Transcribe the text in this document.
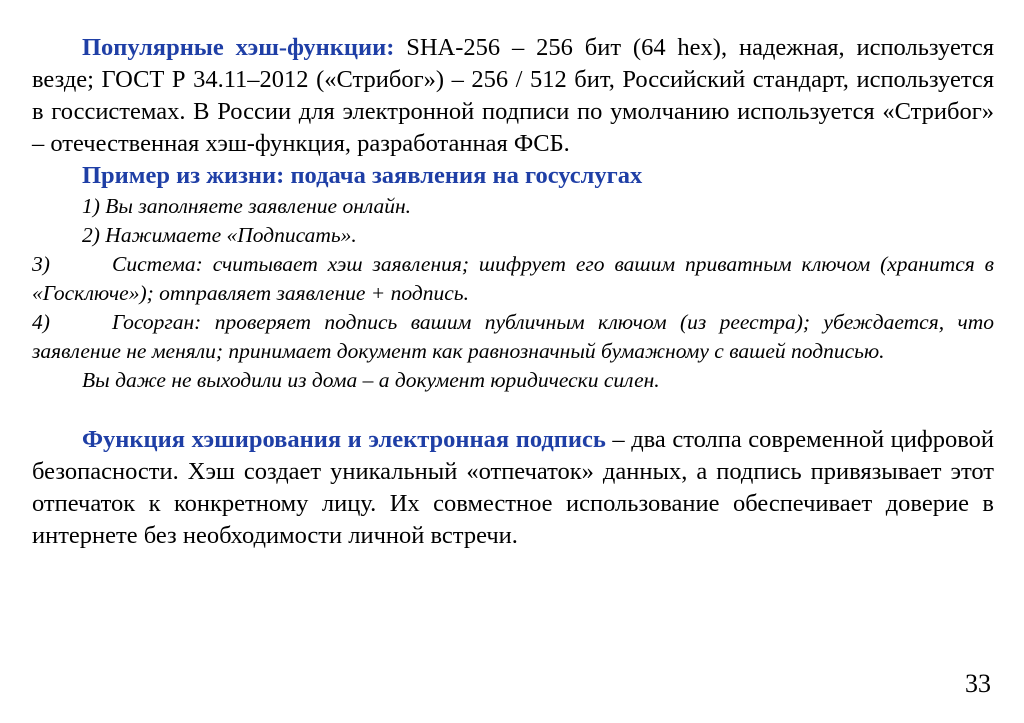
Популярные хэш-функции: SHA-256 – 256 бит (64 hex), надежная, используется везде; ГОСТ Р 34.11–2012 («Стрибог») – 256 / 512 бит, Российский стандарт, используется в госсистемах. В России для электронной подписи по умолчанию используется «Стрибог» – отечественная хэш-функция, разработанная ФСБ.

Пример из жизни: подача заявления на госуслугах

1) Вы заполняете заявление онлайн.

2) Нажимаете «Подписать».

3)	Система: считывает хэш заявления; шифрует его вашим приватным ключом (хранится в «Госключе»); отправляет заявление + подпись.

4)	Госорган: проверяет подпись вашим публичным ключом (из реестра); убеждается, что заявление не меняли; принимает документ как равнозначный бумажному с вашей подписью.

Вы даже не выходили из дома – а документ юридически силен.

Функция хэширования и электронная подпись – два столпа современной цифровой безопасности. Хэш создает уникальный «отпечаток» данных, а подпись привязывает этот отпечаток к конкретному лицу. Их совместное использование обеспечивает доверие в интернете без необходимости личной встречи.

33
